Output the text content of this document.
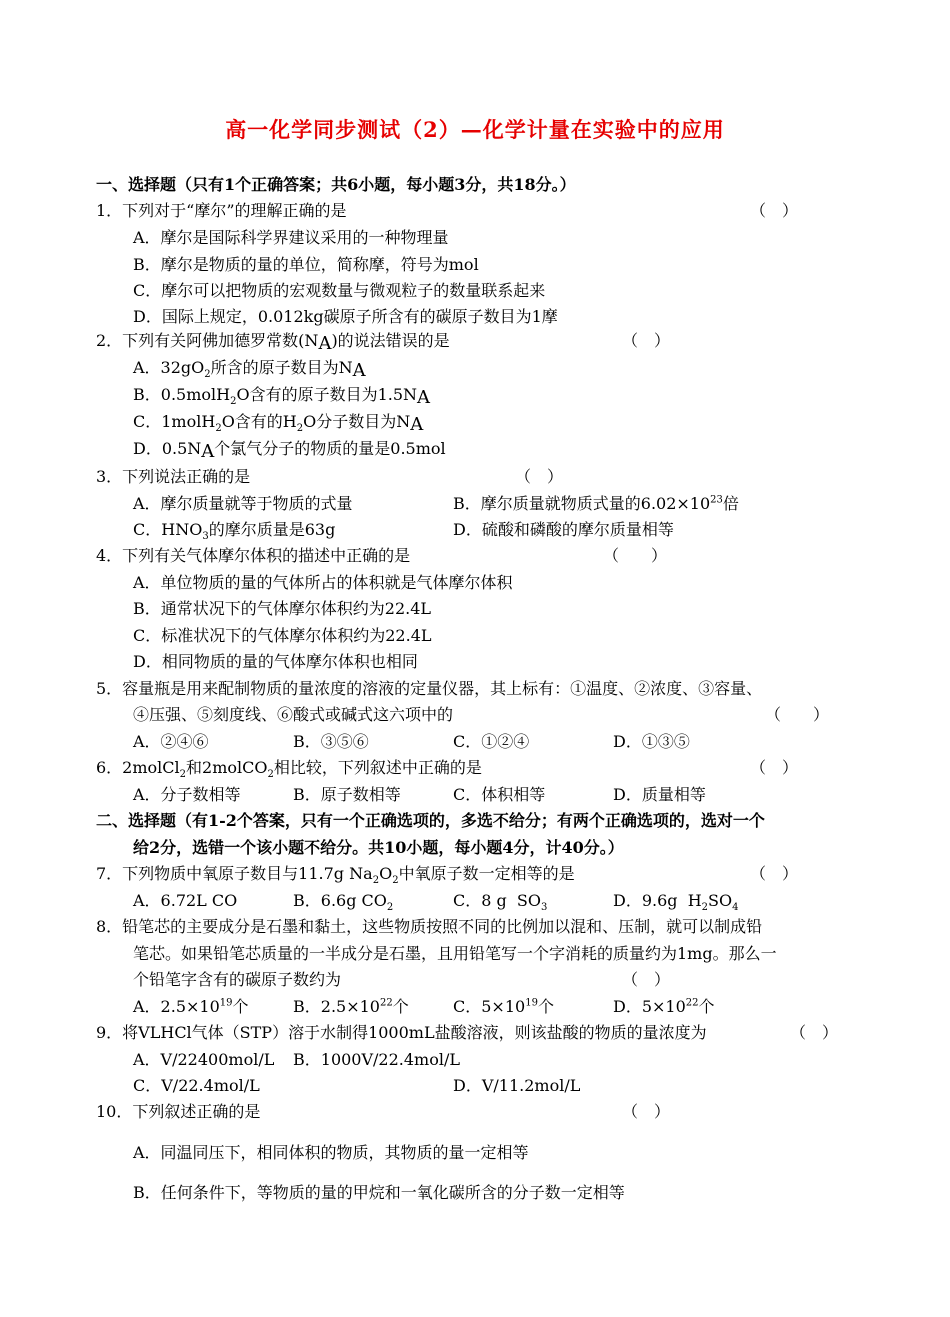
高一化学同步测试（2）—化学计量在实验中的应用
一、选择题（只有1个正确答案；共6小题，每小题3分，共18分。）
1．下列对于“摩尔”的理解正确的是	（　）
A．摩尔是国际科学界建议采用的一种物理量
B．摩尔是物质的量的单位，简称摩，符号为mol
C．摩尔可以把物质的宏观数量与微观粒子的数量联系起来
D．国际上规定，0.012kg碳原子所含有的碳原子数目为1摩
2．下列有关阿佛加德罗常数$(N_A)$的说法错误的是	（　）
A．$32gO_2$所含的原子数目为$N_A$
B．0.5molH$_2$O含有的原子数目为$1.5N_A$
C．1molH$_2$O含有的$H_2O$分子数目为$N_A$
D．$0.5N_A$个氯气分子的物质的量是0.5mol
3．下列说法正确的是	（　）
A．摩尔质量就等于物质的式量	B．摩尔质量就物质式量的$6.02\times 10^{23}$倍
C．$HNO_3$的摩尔质量是63g	D．硫酸和磷酸的摩尔质量相等
4．下列有关气体摩尔体积的描述中正确的是	（　　）
A．单位物质的量的气体所占的体积就是气体摩尔体积
B．通常状况下的气体摩尔体积约为22.4L
C．标准状况下的气体摩尔体积约为22.4L
D．相同物质的量的气体摩尔体积也相同
5．容量瓶是用来配制物质的量浓度的溶液的定量仪器，其上标有：①温度、②浓度、③容量、
④压强、⑤刻度线、⑥酸式或碱式这六项中的	（　　）
A．②④⑥	B．③⑤⑥	C．①②④	D．①③⑤
6．2molCl$_2$和2molCO$_2$相比较，下列叙述中正确的是	（　）
A．分子数相等	B．原子数相等	C．体积相等	D．质量相等
二、选择题（有1-2个答案，只有一个正确选项的，多选不给分；有两个正确选项的，选对一个
给2分，选错一个该小题不给分。共10小题，每小题4分，计40分。）
7．下列物质中氧原子数目与11.7g $Na_2O_2$中氧原子数一定相等的是	（　）
A．6.72L CO	B．6.6g $CO_2$	C．8 g  $SO_3$	D．9.6g  $H_2SO_4$
8．铅笔芯的主要成分是石墨和黏土，这些物质按照不同的比例加以混和、压制，就可以制成铅
笔芯。如果铅笔芯质量的一半成分是石墨，且用铅笔写一个字消耗的质量约为1mg。那么一
个铅笔字含有的碳原子数约为	（　）
A．$2.5\times 10^{19}$个	B．$2.5\times 10^{22}$个	C．$5\times 10^{19}$个	D．$5\times 10^{22}$个
9．将VLHCl气体（STP）溶于水制得1000mL盐酸溶液，则该盐酸的物质的量浓度为	（　）
A．V/22400mol/L B．1000V/22.4mol/L
C．V/22.4mol/L	D．V/11.2mol/L
10．下列叙述正确的是	（　）
A．同温同压下，相同体积的物质，其物质的量一定相等
B．任何条件下，等物质的量的甲烷和一氧化碳所含的分子数一定相等
